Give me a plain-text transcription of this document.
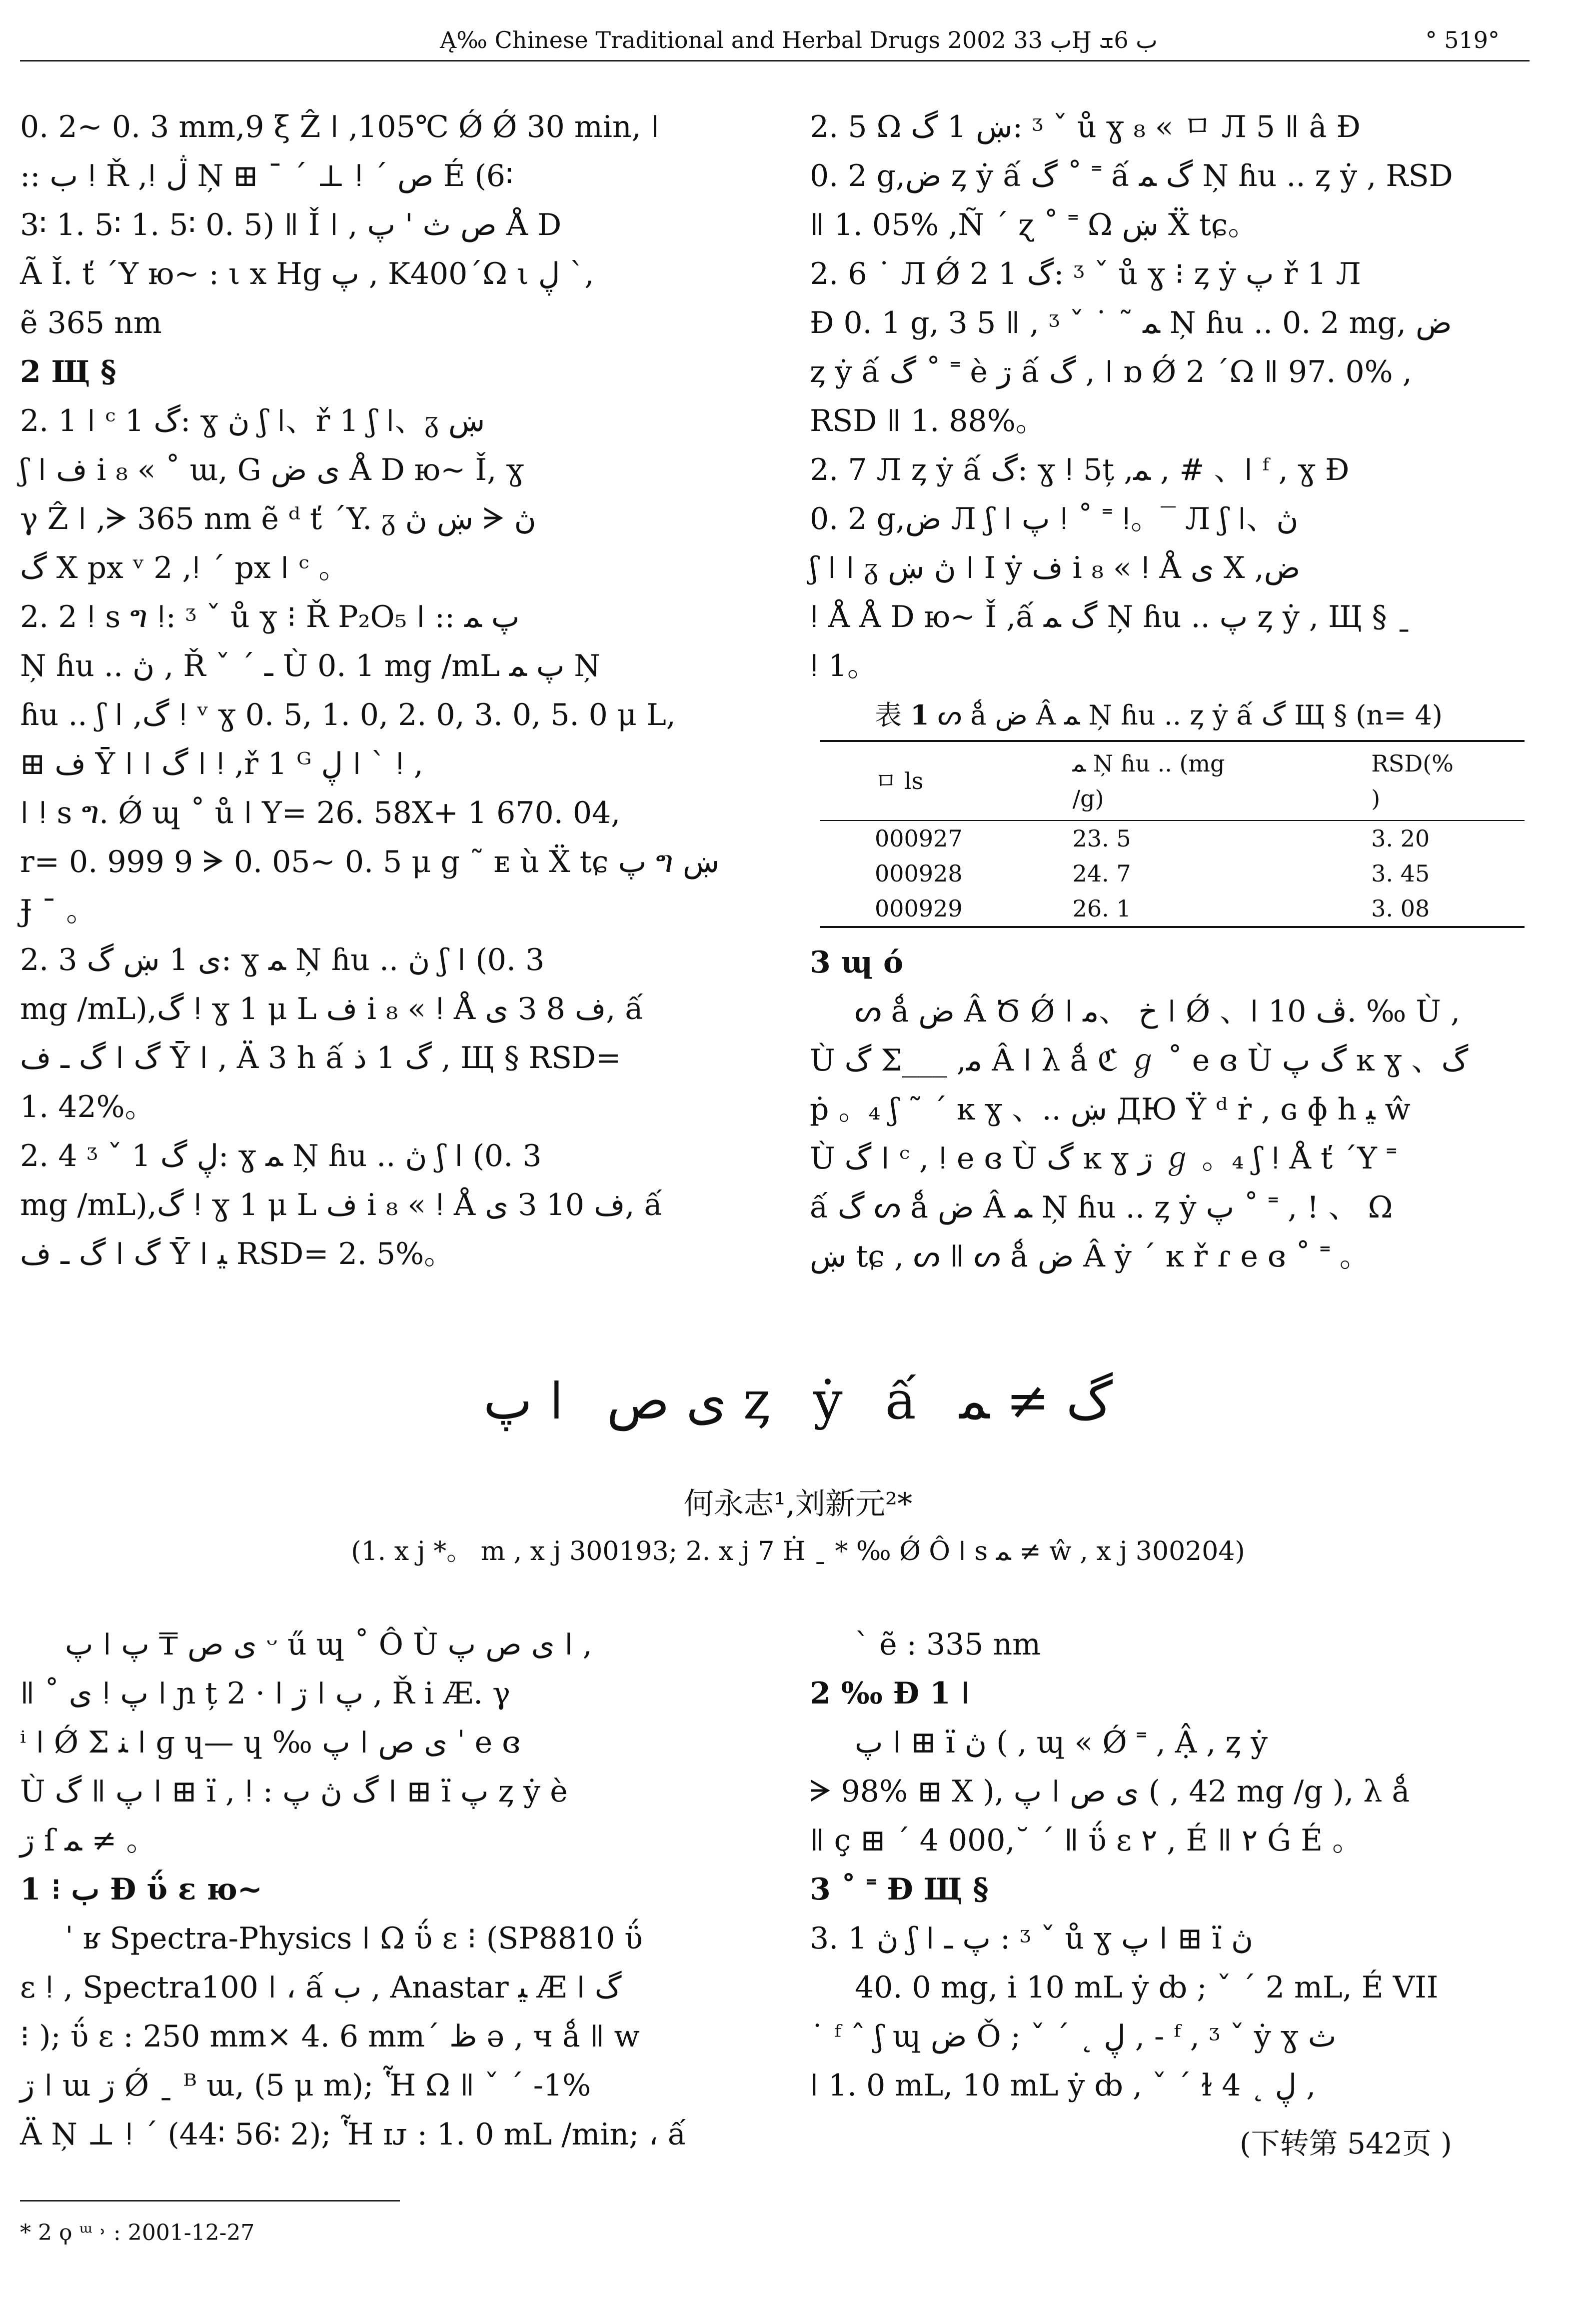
Ą‰ Chinese Traditional and Herbal Drugs 2002 ب 33Ӈ ب 6ܫ	° 519°

0. 2~ 0. 3 mm,9 ξ Ẑ ǀ ,105℃ Ǿ Ǿ 30 min, ǀ

:: ب ǃ Ř ,ǃ ڷ Ņ ⊞ ¯ ˊ ⊥ ǃ ˊ ص É (6∶

3∶ 1. 5∶ 1. 5∶ 0. 5) ǁ Ǐ ǀ , ص ث ' پ Å D

Ã Ǐ. ť ΄Y ю~ : ι x Hg پ , K400΄Ω ι ڸ ˋ,

ẽ 365 nm

2 Щ §

2. 1 ǀ ᶜ 1 گ: ɣ ڽ ʃ ǀ、ř 1 ʃ ǀ、ᵹ ښ

ʃ ǀ ف i ₈ « ˚ ɯ, G ى ض Å D ю~ Ǐ, ɣ

γ Ẑ ǀ ,ᗒ 365 nm ẽ ᵈ ť ΄Y. ᵹ ښ ڽ ᗒ ڽ

گ Χ px ᵛ 2 ,ǃ ˊ px ǀ ᶜ 。

2. 2 ǃ s ግ ǃ: ᶾ ˇ ů ɣ ⁝ Ř P₂O₅ ǀ :: پ ﻤ

Ņ ɦu .. ڽ , Ř ˇ ˊ ـ Ù 0. 1 mg /mL پ ﻤ Ņ

ɦu .. ʃ ǀ ,گ ǃ ᵛ ɣ 0. 5, 1. 0, 2. 0, 3. 0, 5. 0 μ L,

⊞ ف Ȳ ǀ ǀ گ ǀ ǃ ,ř 1 ᴳ ڸ ǀ ˋ ǃ ,

ǀ ǃ s ግ. Ǿ ɰ ˚ ů ǀ Y= 26. 58X+ 1 670. 04,

r= 0. 999 9 ᗒ 0. 05~ 0. 5 μ g ˜ ᴇ ù Ẍ tɕ پ ግ ښ

Ɉ ˉ 。

2. 3 ى 1 ښ گ: ɣ ﻤ Ņ ɦu .. ڽ ʃ ǀ (0. 3

mg /mL),گ ǃ ɣ 1 μ L ف i ₈ « ǃ Å ى З 8 ف, ấ

گ ـ ف ǀ گ Ȳ ǀ , Ä 3 h ấ گ 1 ذ , Щ § RSD=

1. 42%。

2. 4 ᶾ ˇ 1 ڸ گ: ɣ ﻤ Ņ ɦu .. ڽ ʃ ǀ (0. 3

mg /mL),گ ǃ ɣ 1 μ L ف i ₈ « ǃ Å ى З 10 ف, ấ

گ ـ ف ǀ گ Ȳ ǀ ﻴ RSD= 2. 5%。

2. 5 Ω ښ 1 گ: ᶾ ˇ ů ɣ ₈ « ㅁ Л 5 ǁ â Ɖ

0. 2 g,ض ȥ ẏ ấ گ ˚ ˭ ấ گ ﻤ Ņ ɦu .. ȥ ẏ , RSD

ǁ 1. 05% ,Ñ ˊ ɀ ˚ ˭ Ω ښ Ẍ tɕ。

2. 6 ˙ Л Ǿ 2 1 گ: ᶾ ˇ ů ɣ ⁝ ȥ ẏ پ ř 1 Л

Ɖ 0. 1 g, З 5 ǁ , ᶾ ˇ ˙ ˜ ﻤ Ņ ɦu .. 0. 2 mg, ض

ȥ ẏ ấ گ ˚ ˭ è ڗ ấ گ , ǀ ɒ Ǿ 2 ΄Ω ǁ 97. 0% ,

RSD ǁ 1. 88%。

2. 7 Л ȥ ẏ ấ گ: ɣ ǃ 5ț ,ﻤ , # 、ǀ ᶠ , ɣ Ɖ

0. 2 g,ض Л ʃ ǀ پ ǃ ˚ ˭ ǃ。‾ Л ʃ ǀ、ڽ

ʃ ǀ ǀ ᵹ ڽ ښ ǀ I ẏ ف i ₈ « ǃ Å ى Χ ,ض

ǃ Å Å D ю~ Ǐ ,ấ گ ﻤ Ņ ɦu .. پ ȥ ẏ , Щ § ˍ

ǃ 1。

表 1 ᔕ ǻ ض Â ﻤ Ņ ɦu .. ȥ ẏ ấ گ Щ § (n= 4)

ㅁ ls	ﻤ Ņ ɦu .. (mg /g)	RSD(% )
000927	23. 5	3. 20
000928	24. 7	3. 45
000929	26. 1	3. 08

3 ɰ ó

ᔕ ǻ ض Â Ծ Ǿ ǀ خ 、ﻣ ǀ Ǿ 、ǀ ڤ 10. ‰ Ù ,

Ù گ Σ___ ,ﻣ Â ǀ λ ǻ ℭ ℊ ˚ e ɞ Ù گ پ ĸ ɣ 、گ

ṗ 。₄ ʃ ˜ ˊ ĸ ɣ 、.. ښ ДЮ Ÿ ᵈ ṙ , ɢ ɸ h ﻴ ŵ

Ù گ ǀ ᶜ , ǃ e ɞ Ù گ ĸ ɣ ڗ ℊ 。₄ ʃ ǃ Å ť ΄Y ˭

ấ گ ᔕ ǻ ض Â ﻤ Ņ ɦu .. ȥ ẏ پ ˚ ˭ , ! 、 Ω

ښ tɕ , ᔕ ǁ ᔕ ǻ ض Â ẏ ˊ ĸ ř ɾ e ɞ ˚ ˭ 。

پ ǀ ى ص ȥ ẏ ấ گ ≠ ﻤ
何永志¹,刘新元²*
(1. x j *。 m , x j 300193; 2. x j 7 Ḣ ˍ * ‰ Ǿ Ô ǀ s ﻤ ≠ ŵ , x j 300204)

پ ǀ ى ص ₸ پ ᵕ ű ɰ ˚ Ô Ù ى ص پ ǀ ,

ǁ ˚ ى ǃ پ ǀ ɲ ț 2 · ǀ ڗ ǀ پ , Ř i Æ. γ

ⁱ ǀ Ǿ Σ ﻨ ǀ ɡ ɥ— ɥ ‰ پ ǀ ى ص ˈ e ɞ

Ù گ ǁ پ ǀ ⊞ ï , ǃ : گ ڽ پ ǀ ⊞ ï پ ȥ ẏ è

ڗ ſ ﻤ ≠ 。

1 ⁝ ب Ɖ ΰ ɛ ю~

ˈ ʁ Spectra-Physics ǀ Ω ΰ ɛ ⁝ (SP8810 ΰ

ɛ ǃ , Spectra100 ǀ ، ấ ب , Anastar ﻴ Æ ǀ گ

⁝ ); ΰ ɛ : 250 mm× 4. 6 mm´ ظ ə , ч ǻ ǁ w

ڗ ǀ ɯ ڗ Ǿ ˍ ᴮ ɯ, (5 μ m); Ἧ Ω ǁ ˇ ˊ -1%

Ä Ņ ⊥ ǃ ˊ (44∶ 56∶ 2); Ἧ ɪᴊ : 1. 0 mL /min; ، ấ

ˋ ẽ : 335 nm

2 ‰ Ɖ 1 ǀ

پ ǀ ⊞ ï ڽ ( , ɰ « Ǿ ˭ , Ậ , ȥ ẏ

ᗒ 98% ⊞ Χ ), پ ǀ ى ص ( , 42 mg /g ), λ ǻ

ǁ ç ⊞ ˊ 4 000,˘ ˊ ǁ ΰ ɛ ٢ , É ǁ ٢ Ǵ É 。

3 ˚ ˭ Ɖ Щ §

3. 1 ڽ ʃ ǀ پ ـ : ᶾ ˇ ů ɣ پ ǀ ⊞ ï ڽ

40. 0 mg, i 10 mL ẏ ȸ ; ˇ ˊ 2 mL, É VII

˙ ᶠ ˆ ʃ ɰ ض Ǒ ; ˇ ˊ ˛ ڸ , - ᶠ , ᶾ ˇ ẏ ɣ ث

ǀ 1. 0 mL, 10 mL ẏ ȸ , ˇ ˊ ɫ 4 ˛ ڸ ,

(下转第 542页 )
* 2 ϙ ᵚ ˒ : 2001-12-27
